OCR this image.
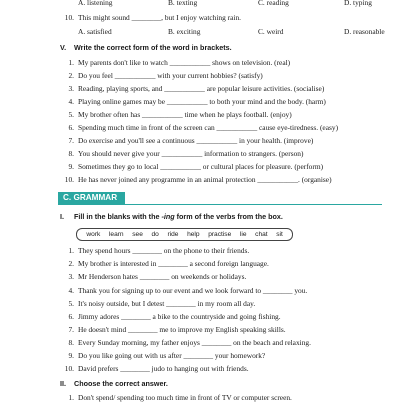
A. listening	B. texting	C. reading	D. typing
10. This might sound ________, but I enjoy watching rain.
A. satisfied	B. exciting	C. weird	D. reasonable
V. Write the correct form of the word in brackets.
1. My parents don't like to watch ___________ shows on television. (real)
2. Do you feel ___________ with your current hobbies? (satisfy)
3. Reading, playing sports, and ___________ are popular leisure activities. (socialise)
4. Playing online games may be ___________ to both your mind and the body. (harm)
5. My brother often has ___________ time when he plays football. (enjoy)
6. Spending much time in front of the screen can ___________ cause eye-tiredness. (easy)
7. Do exercise and you'll see a continuous ___________ in your health. (improve)
8. You should never give your ___________ information to strangers. (person)
9. Sometimes they go to local ___________ or cultural places for pleasure. (perform)
10. He has never joined any programme in an animal protection ___________. (organise)
C. GRAMMAR
I. Fill in the blanks with the -ing form of the verbs from the box.
work learn see do ride help practise lie chat sit
1. They spend hours ________ on the phone to their friends.
2. My brother is interested in ________ a second foreign language.
3. Mr Henderson hates ________ on weekends or holidays.
4. Thank you for signing up to our event and we look forward to ________ you.
5. It's noisy outside, but I detest ________ in my room all day.
6. Jimmy adores ________ a bike to the countryside and going fishing.
7. He doesn't mind ________ me to improve my English speaking skills.
8. Every Sunday morning, my father enjoys ________ on the beach and relaxing.
9. Do you like going out with us after ________ your homework?
10. David prefers ________ judo to hanging out with friends.
II. Choose the correct answer.
1. Don't spend/ spending too much time in front of TV or computer screen.
